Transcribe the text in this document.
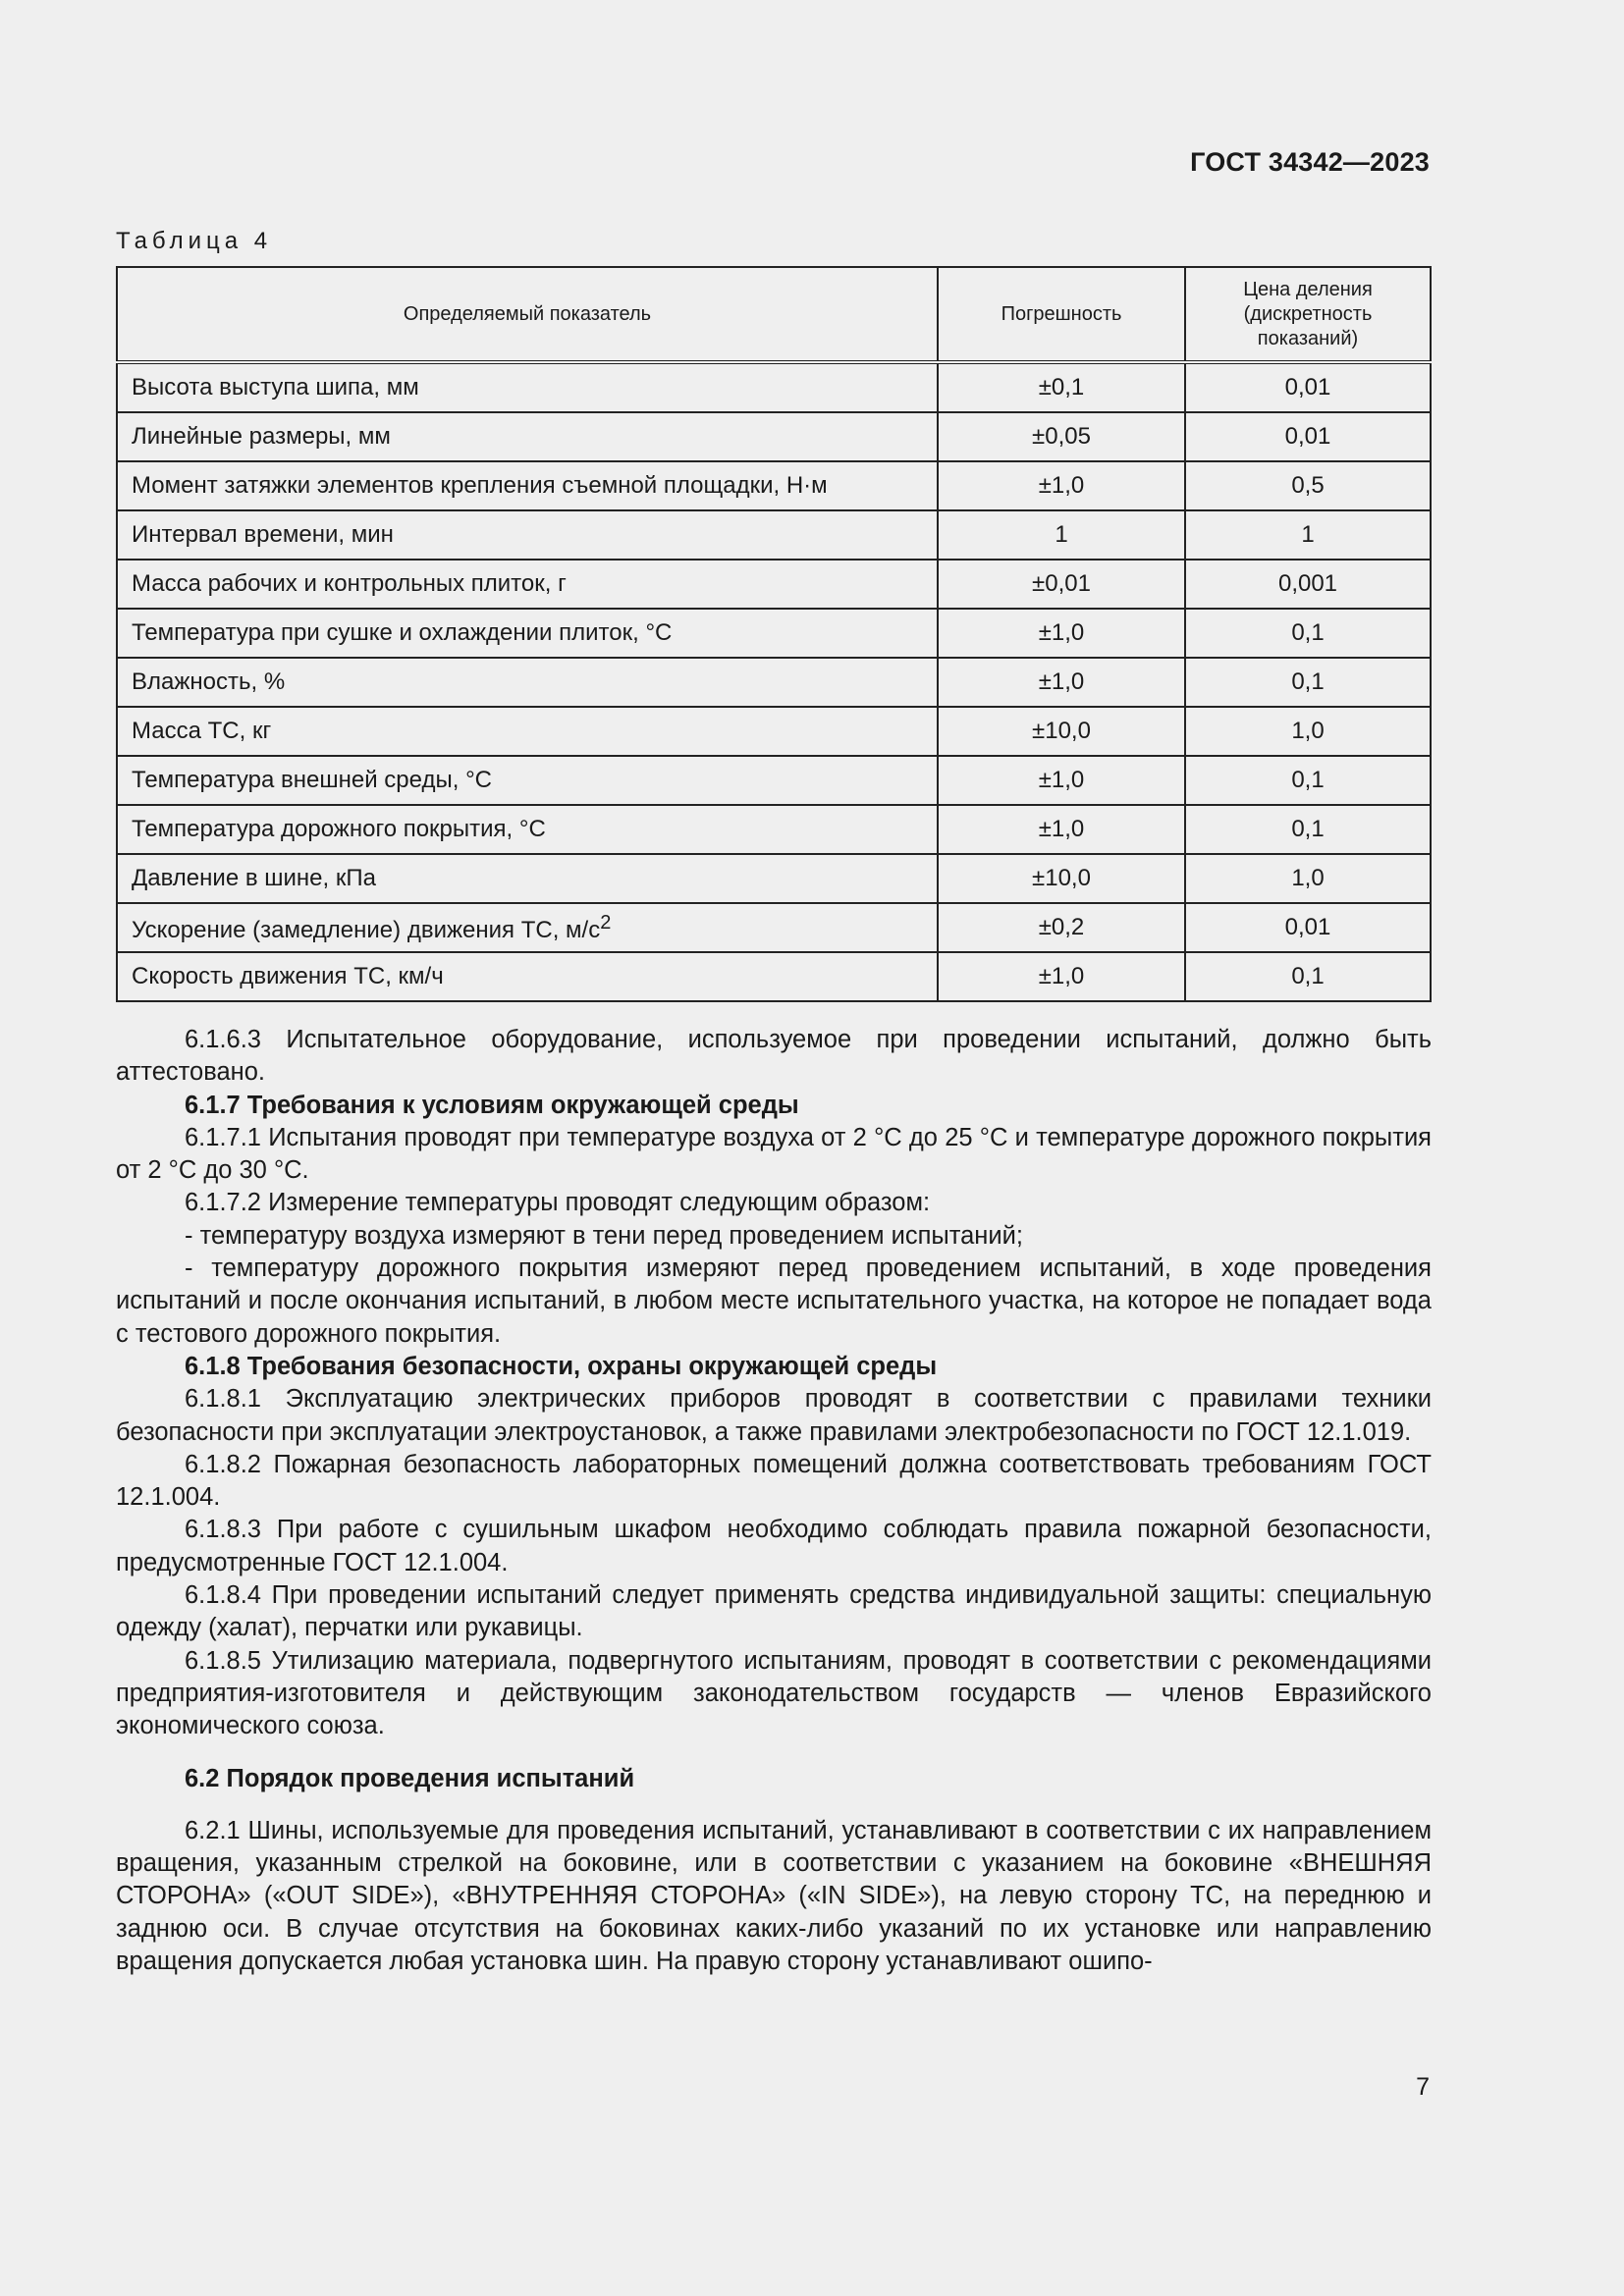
ГОСТ 34342—2023
Таблица 4
Определяемый показатель	Погрешность	Цена деления (дискретность показаний)
Высота выступа шипа, мм	±0,1	0,01
Линейные размеры, мм	±0,05	0,01
Момент затяжки элементов крепления съемной площадки, Н·м	±1,0	0,5
Интервал времени, мин	1	1
Масса рабочих и контрольных плиток, г	±0,01	0,001
Температура при сушке и охлаждении плиток, °С	±1,0	0,1
Влажность, %	±1,0	0,1
Масса ТС, кг	±10,0	1,0
Температура внешней среды, °С	±1,0	0,1
Температура дорожного покрытия, °С	±1,0	0,1
Давление в шине, кПа	±10,0	1,0
Ускорение (замедление) движения ТС, $м/с^2$	±0,2	0,01
Скорость движения ТС, км/ч	±1,0	0,1

6.1.6.3 Испытательное оборудование, используемое при проведении испытаний, должно быть аттестовано.

6.1.7 Требования к условиям окружающей среды

6.1.7.1 Испытания проводят при температуре воздуха от 2 °С до 25 °С и температуре дорожного покрытия от 2 °С до 30 °С.

6.1.7.2 Измерение температуры проводят следующим образом:

- температуру воздуха измеряют в тени перед проведением испытаний;

- температуру дорожного покрытия измеряют перед проведением испытаний, в ходе проведения испытаний и после окончания испытаний, в любом месте испытательного участка, на которое не попадает вода с тестового дорожного покрытия.

6.1.8 Требования безопасности, охраны окружающей среды

6.1.8.1 Эксплуатацию электрических приборов проводят в соответствии с правилами техники безопасности при эксплуатации электроустановок, а также правилами электробезопасности по ГОСТ 12.1.019.

6.1.8.2 Пожарная безопасность лабораторных помещений должна соответствовать требованиям ГОСТ 12.1.004.

6.1.8.3 При работе с сушильным шкафом необходимо соблюдать правила пожарной безопасности, предусмотренные ГОСТ 12.1.004.

6.1.8.4 При проведении испытаний следует применять средства индивидуальной защиты: специальную одежду (халат), перчатки или рукавицы.

6.1.8.5 Утилизацию материала, подвергнутого испытаниям, проводят в соответствии с рекомендациями предприятия-изготовителя и действующим законодательством государств — членов Евразийского экономического союза.

6.2 Порядок проведения испытаний

6.2.1 Шины, используемые для проведения испытаний, устанавливают в соответствии с их направлением вращения, указанным стрелкой на боковине, или в соответствии с указанием на боковине «ВНЕШНЯЯ СТОРОНА» («OUT SIDE»), «ВНУТРЕННЯЯ СТОРОНА» («IN SIDE»), на левую сторону ТС, на переднюю и заднюю оси. В случае отсутствия на боковинах каких-либо указаний по их установке или направлению вращения допускается любая установка шин. На правую сторону устанавливают ошипо-

7
